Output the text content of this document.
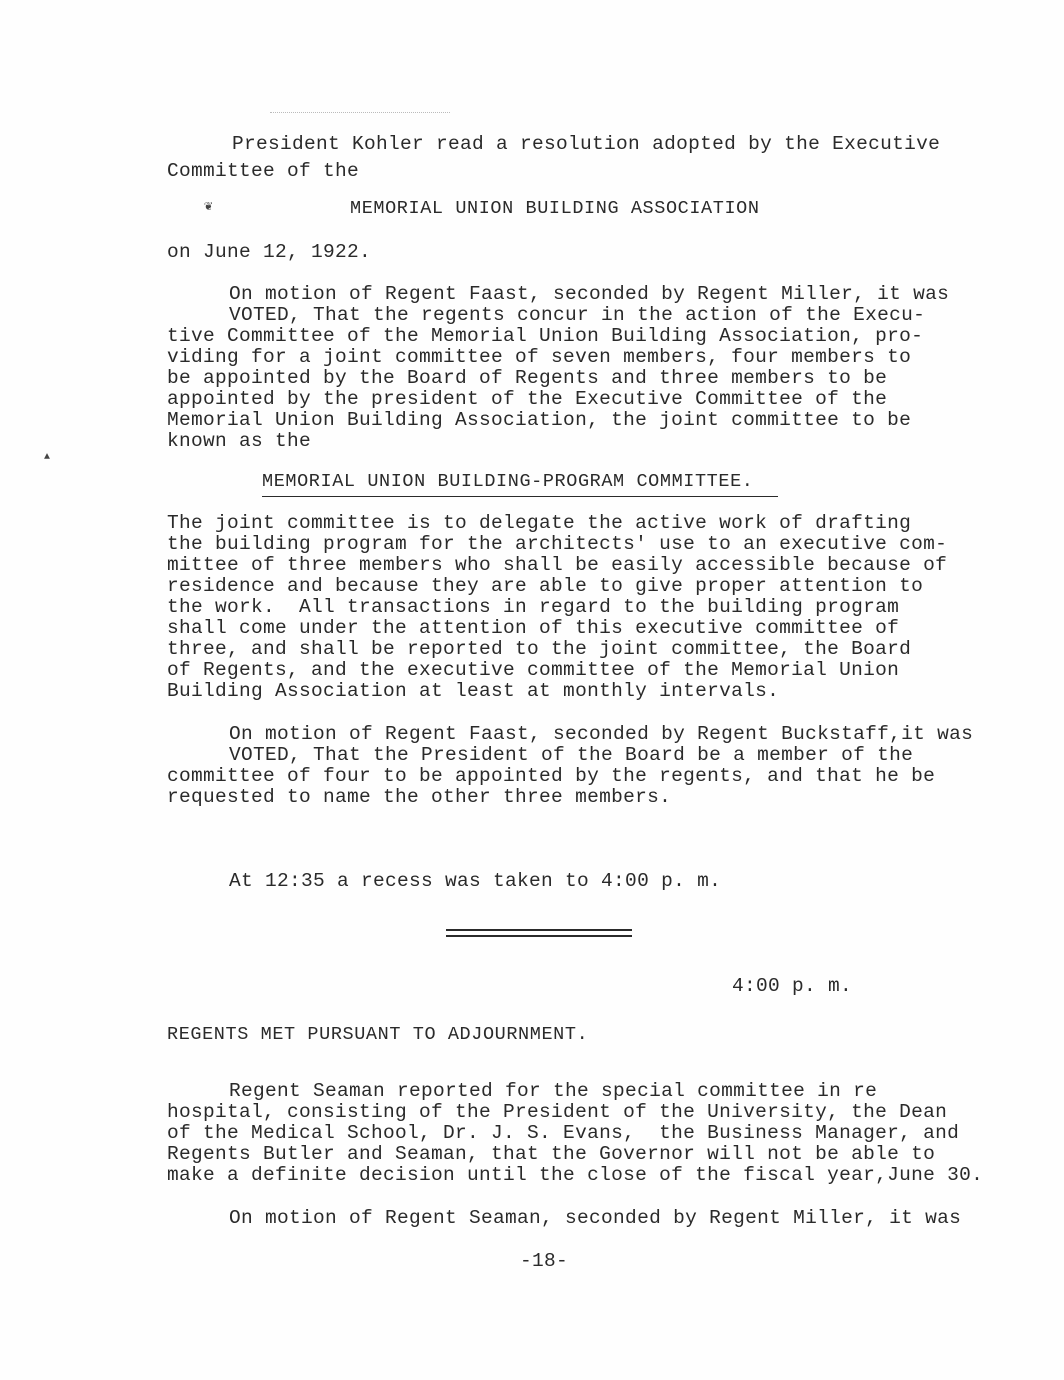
President Kohler read a resolution adopted by the Executive
Committee of the
❦	MEMORIAL UNION BUILDING ASSOCIATION
on June 12, 1922.
On motion of Regent Faast, seconded by Regent Miller, it was
VOTED, That the regents concur in the action of the Execu-
tive Committee of the Memorial Union Building Association, pro-
viding for a joint committee of seven members, four members to
be appointed by the Board of Regents and three members to be
appointed by the president of the Executive Committee of the
Memorial Union Building Association, the joint committee to be
known as the
MEMORIAL UNION BUILDING-PROGRAM COMMITTEE.
The joint committee is to delegate the active work of drafting
the building program for the architects' use to an executive com-
mittee of three members who shall be easily accessible because of
residence and because they are able to give proper attention to
the work.  All transactions in regard to the building program
shall come under the attention of this executive committee of
three, and shall be reported to the joint committee, the Board
of Regents, and the executive committee of the Memorial Union
Building Association at least at monthly intervals.
On motion of Regent Faast, seconded by Regent Buckstaff,it was
VOTED, That the President of the Board be a member of the
committee of four to be appointed by the regents, and that he be
requested to name the other three members.
At 12:35 a recess was taken to 4:00 p. m.
4:00 p. m.
REGENTS MET PURSUANT TO ADJOURNMENT.
Regent Seaman reported for the special committee in re
hospital, consisting of the President of the University, the Dean
of the Medical School, Dr. J. S. Evans,  the Business Manager, and
Regents Butler and Seaman, that the Governor will not be able to
make a definite decision until the close of the fiscal year,June 30.
On motion of Regent Seaman, seconded by Regent Miller, it was
-18-
▲
